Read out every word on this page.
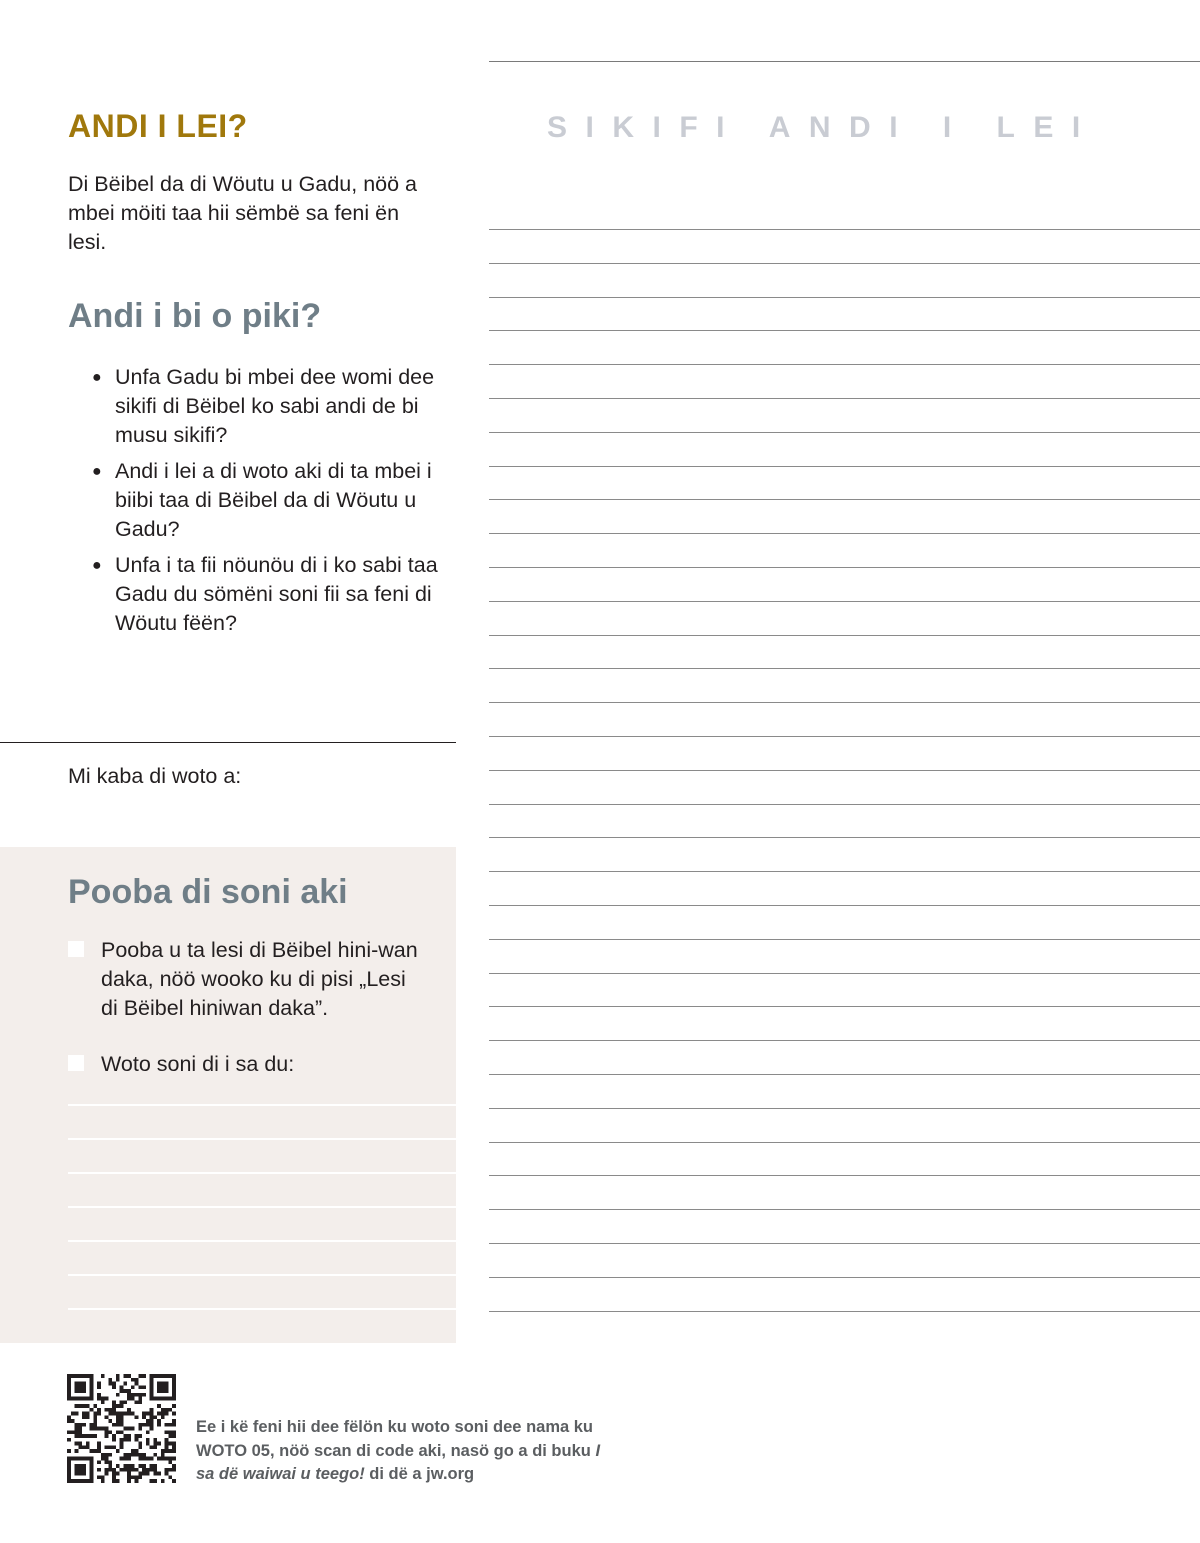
ANDI I LEI?

Di Bëibel da di Wöutu u Gadu, nöö a mbei möiti taa hii sëmbë sa feni ën lesi.

Andi i bi o piki?
● Unfa Gadu bi mbei dee womi dee sikifi di Bëibel ko sabi andi de bi musu sikifi?
● Andi i lei a di woto aki di ta mbei i biibi taa di Bëibel da di Wöutu u Gadu?
● Unfa i ta fii nöunöu di i ko sabi taa Gadu du sömëni soni fii sa feni di Wöutu fëën?
Mi kaba di woto a:
Pooba di soni aki
Pooba u ta lesi di Bëibel hini-wan daka, nöö wooko ku di pisi „Lesi di Bëibel hiniwan daka”.
Woto soni di i sa du:
SIKIFI ANDI I LEI

Ee i kë feni hii dee fëlön ku woto soni dee nama ku WOTO 05, nöö scan di code aki, nasö go a di buku I sa dë waiwai u teego! di dë a jw.org
